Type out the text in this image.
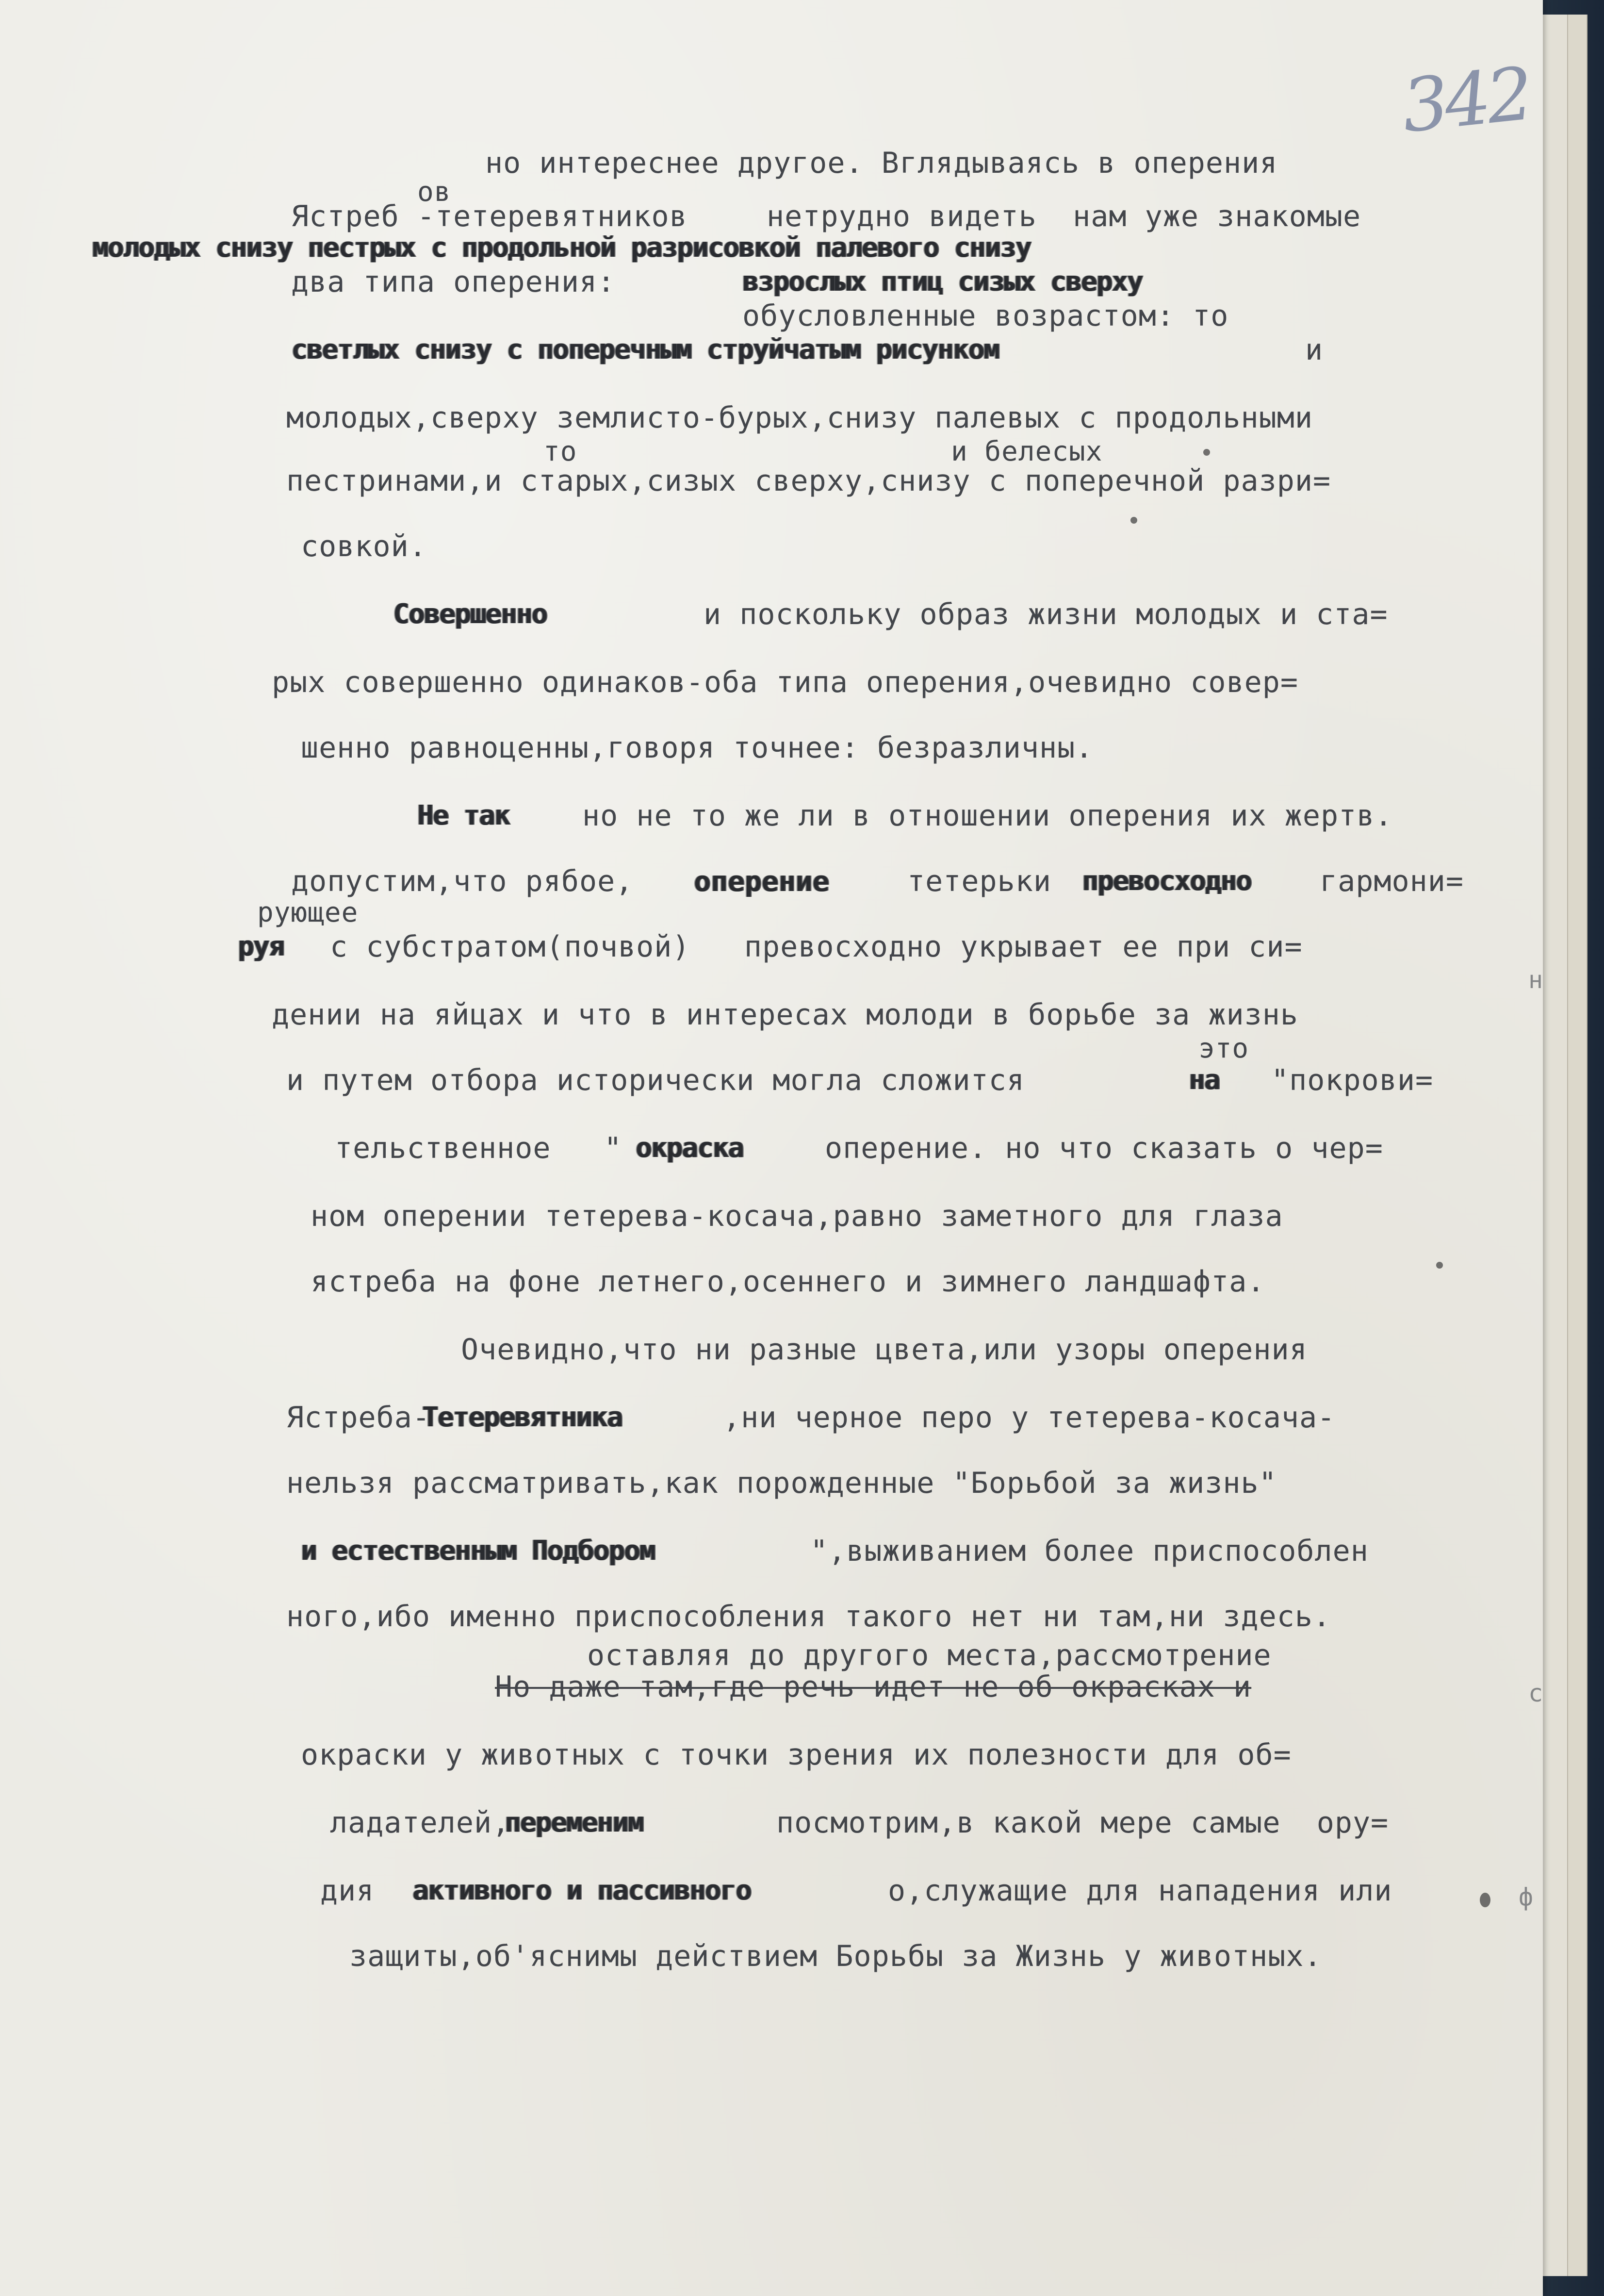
342
но интереснее другое. Вглядываясь в оперения
ов
Ястреб -тетеревятников	нетрудно видеть  нам уже знакомые
молодых снизу пестрых с продольной разрисовкой палевого снизу
два типа оперения:	взрослых птиц сизых сверху
обусловленные возрастом: то
светлых снизу с поперечным струйчатым рисунком	и
молодых,сверху землисто-бурых,снизу палевых с продольными
то	и белесых
пестринами,и старых,сизых сверху,снизу с поперечной разри=
совкой.
Совершенно	и поскольку образ жизни молодых и ста=
рых совершенно одинаков-оба типа оперения,очевидно совер=
шенно равноценны,говоря точнее: безразличны.
Не так но не то же ли в отношении оперения их жертв.
допустим,что рябое, оперение	тетерьки превосходно гармони=
рующее
руя с субстратом(почвой)   превосходно укрывает ее при си=
дении на яйцах и что в интересах молоди в борьбе за жизнь
это
и путем отбора исторически могла сложится	на "покрови=
тельственное " окраска	оперение. но что сказать о чер=
ном оперении тетерева-косача,равно заметного для глаза
ястреба на фоне летнего,осеннего и зимнего ландшафта.
Очевидно,что ни разные цвета,или узоры оперения
Ястреба-
Тетеревятника	,ни черное перо у тетерева-косача-
нельзя рассматривать,как порожденные "Борьбой за жизнь"
и естественным Подбором	",выживанием более приспособлен
ного,ибо именно приспособления такого нет ни там,ни здесь.
оставляя до другого места,рассмотрение
Но даже там,где речь идет не об окрасках и
окраски у животных с точки зрения их полезности для об=
ладателей,
переменим	посмотрим,в какой мере самые  ору=
дия активного и пассивного	о,служащие для нападения или
защиты,об'яснимы действием Борьбы за Жизнь у животных.
н
с
ф
